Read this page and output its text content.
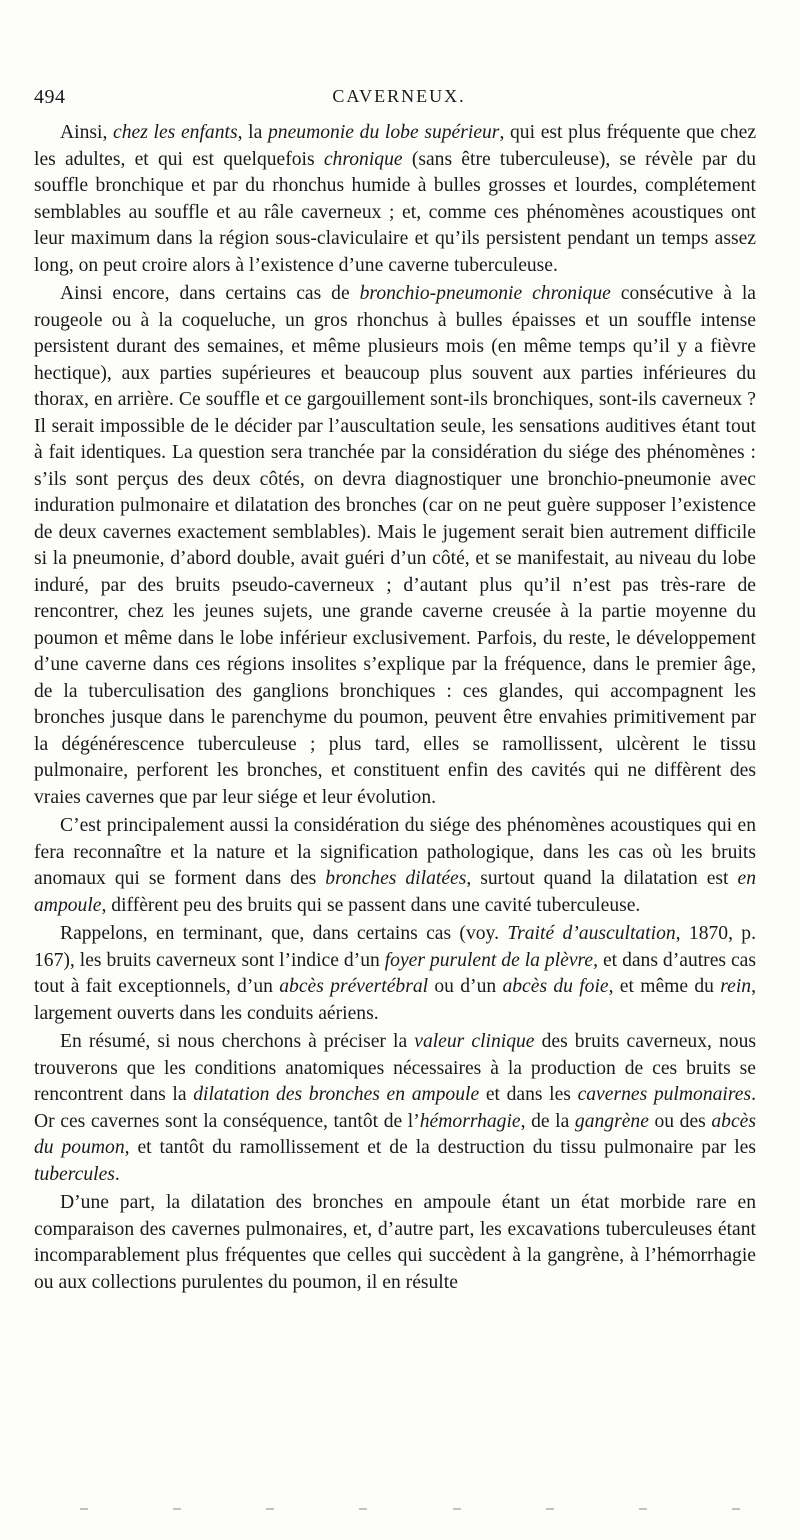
494	CAVERNEUX.

Ainsi, chez les enfants, la pneumonie du lobe supérieur, qui est plus fréquente que chez les adultes, et qui est quelquefois chronique (sans être tuberculeuse), se révèle par du souffle bronchique et par du rhonchus humide à bulles grosses et lourdes, complétement semblables au souffle et au râle caverneux ; et, comme ces phénomènes acoustiques ont leur maximum dans la région sous-claviculaire et qu’ils persistent pendant un temps assez long, on peut croire alors à l’existence d’une caverne tuberculeuse.

Ainsi encore, dans certains cas de bronchio-pneumonie chronique consécutive à la rougeole ou à la coqueluche, un gros rhonchus à bulles épaisses et un souffle intense persistent durant des semaines, et même plusieurs mois (en même temps qu’il y a fièvre hectique), aux parties supérieures et beaucoup plus souvent aux parties inférieures du thorax, en arrière. Ce souffle et ce gargouillement sont-ils bronchiques, sont-ils caverneux ? Il serait impossible de le décider par l’auscultation seule, les sensations auditives étant tout à fait identiques. La question sera tranchée par la considération du siége des phénomènes : s’ils sont perçus des deux côtés, on devra diagnostiquer une bronchio-pneumonie avec induration pulmonaire et dilatation des bronches (car on ne peut guère supposer l’existence de deux cavernes exactement semblables). Mais le jugement serait bien autrement difficile si la pneumonie, d’abord double, avait guéri d’un côté, et se manifestait, au niveau du lobe induré, par des bruits pseudo-caverneux ; d’autant plus qu’il n’est pas très-rare de rencontrer, chez les jeunes sujets, une grande caverne creusée à la partie moyenne du poumon et même dans le lobe inférieur exclusivement. Parfois, du reste, le développement d’une caverne dans ces régions insolites s’explique par la fréquence, dans le premier âge, de la tuberculisation des ganglions bronchiques : ces glandes, qui accompagnent les bronches jusque dans le parenchyme du poumon, peuvent être envahies primitivement par la dégénérescence tuberculeuse ; plus tard, elles se ramollissent, ulcèrent le tissu pulmonaire, perforent les bronches, et constituent enfin des cavités qui ne diffèrent des vraies cavernes que par leur siége et leur évolution.

C’est principalement aussi la considération du siége des phénomènes acoustiques qui en fera reconnaître et la nature et la signification pathologique, dans les cas où les bruits anomaux qui se forment dans des bronches dilatées, surtout quand la dilatation est en ampoule, diffèrent peu des bruits qui se passent dans une cavité tuberculeuse.

Rappelons, en terminant, que, dans certains cas (voy. Traité d’auscultation, 1870, p. 167), les bruits caverneux sont l’indice d’un foyer purulent de la plèvre, et dans d’autres cas tout à fait exceptionnels, d’un abcès prévertébral ou d’un abcès du foie, et même du rein, largement ouverts dans les conduits aériens.

En résumé, si nous cherchons à préciser la valeur clinique des bruits caverneux, nous trouverons que les conditions anatomiques nécessaires à la production de ces bruits se rencontrent dans la dilatation des bronches en ampoule et dans les cavernes pulmonaires. Or ces cavernes sont la conséquence, tantôt de l’hémorrhagie, de la gangrène ou des abcès du poumon, et tantôt du ramollissement et de la destruction du tissu pulmonaire par les tubercules.

D’une part, la dilatation des bronches en ampoule étant un état morbide rare en comparaison des cavernes pulmonaires, et, d’autre part, les excavations tuberculeuses étant incomparablement plus fréquentes que celles qui succèdent à la gangrène, à l’hémorrhagie ou aux collections purulentes du poumon, il en résulte
